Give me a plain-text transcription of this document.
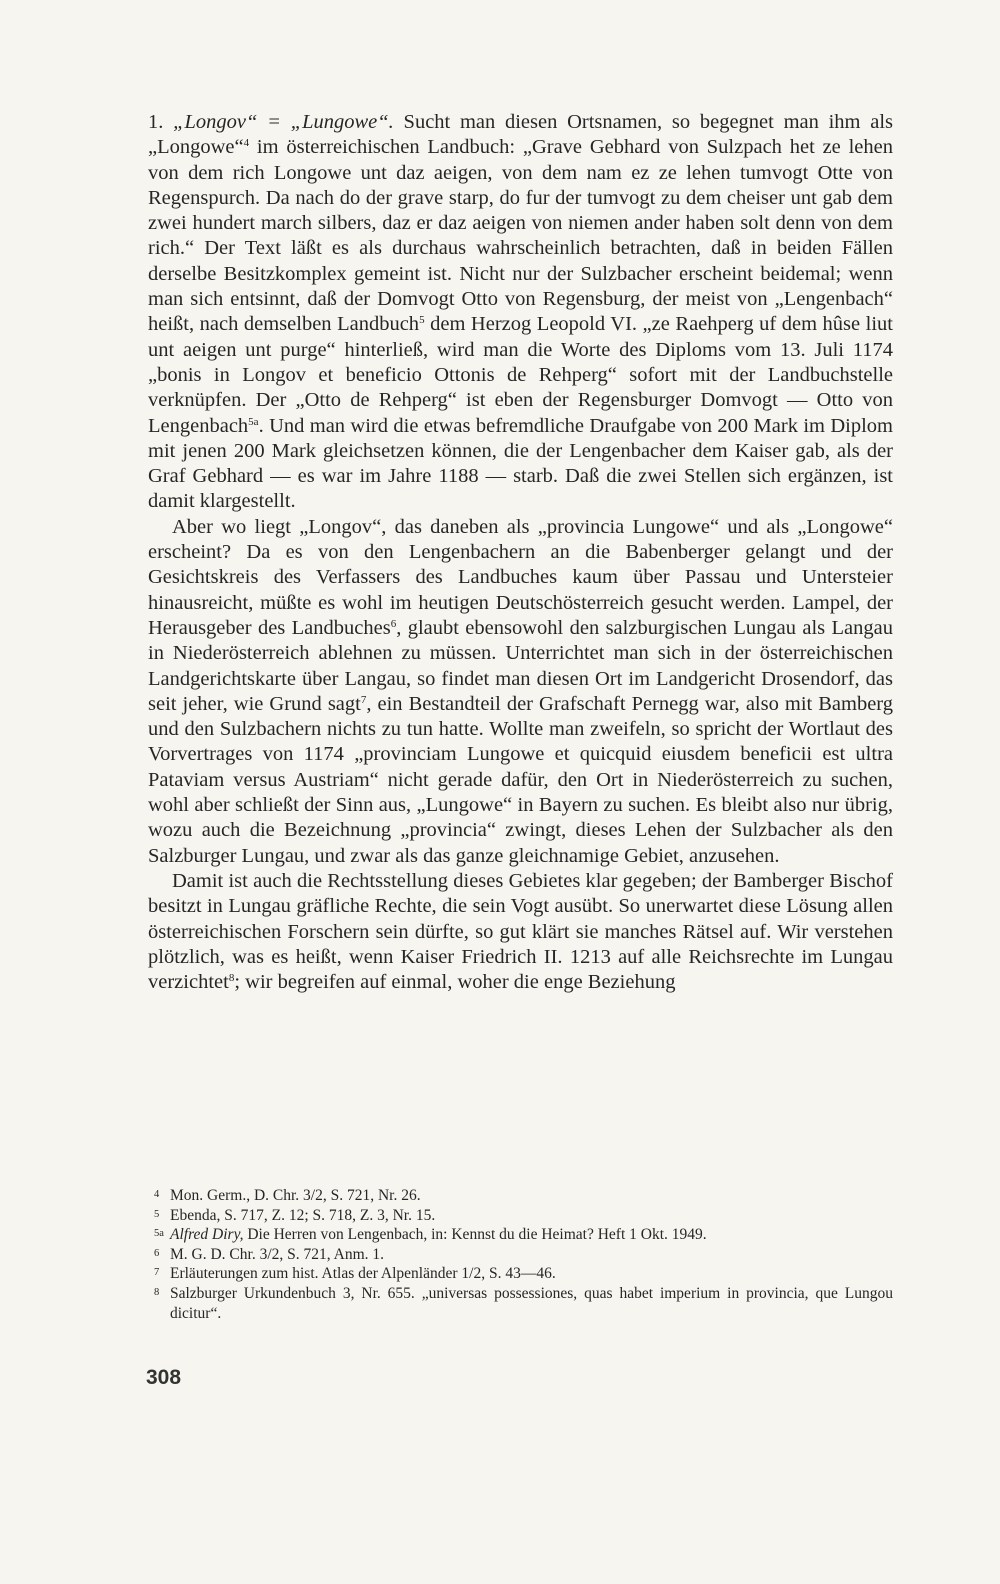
1. „Longov“ = „Lungowe“. Sucht man diesen Ortsnamen, so begegnet man ihm als „Longowe“$^4$ im österreichischen Landbuch: „Grave Gebhard von Sulzpach het ze lehen von dem rich Longowe unt daz aeigen, von dem nam ez ze lehen tumvogt Otte von Regenspurch. Da nach do der grave starp, do fur der tumvogt zu dem cheiser unt gab dem zwei hundert march silbers, daz er daz aeigen von niemen ander haben solt denn von dem rich.“ Der Text läßt es als durchaus wahrscheinlich betrachten, daß in beiden Fällen derselbe Besitzkomplex gemeint ist. Nicht nur der Sulzbacher erscheint beidemal; wenn man sich entsinnt, daß der Domvogt Otto von Regensburg, der meist von „Lengenbach“ heißt, nach demselben Landbuch$^5$ dem Herzog Leopold VI. „ze Raehperg uf dem hûse liut unt aeigen unt purge“ hinterließ, wird man die Worte des Diploms vom 13. Juli 1174 „bonis in Longov et beneficio Ottonis de Rehperg“ sofort mit der Landbuchstelle verknüpfen. Der „Otto de Rehperg“ ist eben der Regensburger Domvogt — Otto von Lengenbach$^{5a}$. Und man wird die etwas befremdliche Draufgabe von 200 Mark im Diplom mit jenen 200 Mark gleichsetzen können, die der Lengenbacher dem Kaiser gab, als der Graf Gebhard — es war im Jahre 1188 — starb. Daß die zwei Stellen sich ergänzen, ist damit klargestellt.

Aber wo liegt „Longov“, das daneben als „provincia Lungowe“ und als „Longowe“ erscheint? Da es von den Lengenbachern an die Babenberger gelangt und der Gesichtskreis des Verfassers des Landbuches kaum über Passau und Untersteier hinausreicht, müßte es wohl im heutigen Deutschösterreich gesucht werden. Lampel, der Herausgeber des Landbuches$^6$, glaubt ebensowohl den salzburgischen Lungau als Langau in Niederösterreich ablehnen zu müssen. Unterrichtet man sich in der österreichischen Landgerichtskarte über Langau, so findet man diesen Ort im Landgericht Drosendorf, das seit jeher, wie Grund sagt$^7$, ein Bestandteil der Grafschaft Pernegg war, also mit Bamberg und den Sulzbachern nichts zu tun hatte. Wollte man zweifeln, so spricht der Wortlaut des Vorvertrages von 1174 „provinciam Lungowe et quicquid eiusdem beneficii est ultra Pataviam versus Austriam“ nicht gerade dafür, den Ort in Niederösterreich zu suchen, wohl aber schließt der Sinn aus, „Lungowe“ in Bayern zu suchen. Es bleibt also nur übrig, wozu auch die Bezeichnung „provincia“ zwingt, dieses Lehen der Sulzbacher als den Salzburger Lungau, und zwar als das ganze gleichnamige Gebiet, anzusehen.

Damit ist auch die Rechtsstellung dieses Gebietes klar gegeben; der Bamberger Bischof besitzt in Lungau gräfliche Rechte, die sein Vogt ausübt. So unerwartet diese Lösung allen österreichischen Forschern sein dürfte, so gut klärt sie manches Rätsel auf. Wir verstehen plötzlich, was es heißt, wenn Kaiser Friedrich II. 1213 auf alle Reichsrechte im Lungau verzichtet$^8$; wir begreifen auf einmal, woher die enge Beziehung

4 Mon. Germ., D. Chr. 3/2, S. 721, Nr. 26.
5 Ebenda, S. 717, Z. 12; S. 718, Z. 3, Nr. 15.
5a Alfred Diry, Die Herren von Lengenbach, in: Kennst du die Heimat? Heft 1 Okt. 1949.
6 M. G. D. Chr. 3/2, S. 721, Anm. 1.
7 Erläuterungen zum hist. Atlas der Alpenländer 1/2, S. 43—46.
8 Salzburger Urkundenbuch 3, Nr. 655. „universas possessiones, quas habet imperium in provincia, que Lungou dicitur“.
308
